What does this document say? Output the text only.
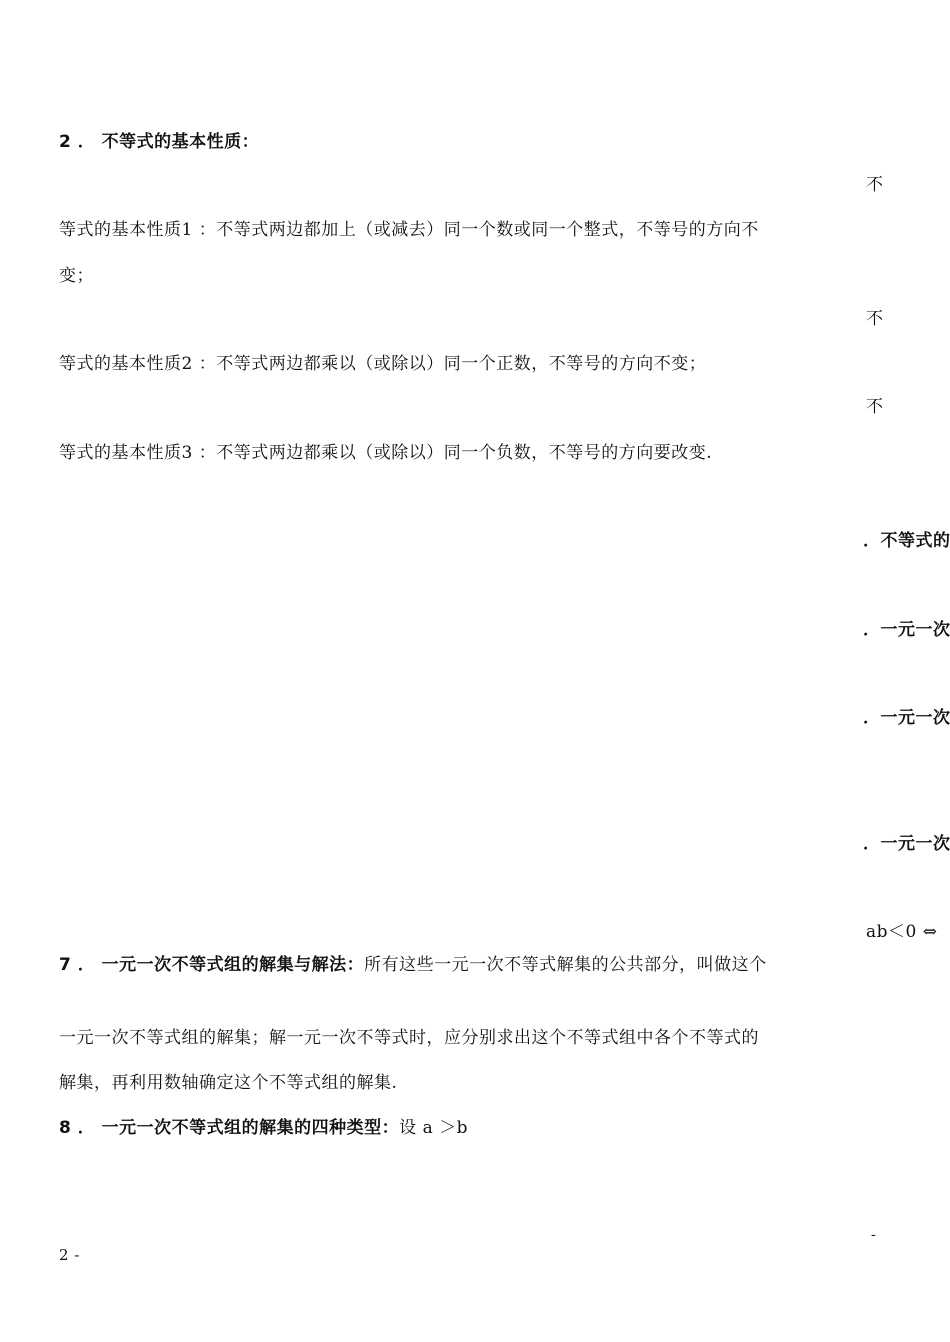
2 ． 不等式的基本性质：
不
等式的基本性质1 ：不等式两边都加上（或减去）同一个数或同一个整式，不等号的方向不
变；
不
等式的基本性质2 ：不等式两边都乘以（或除以）同一个正数，不等号的方向不变；
不
等式的基本性质3 ：不等式两边都乘以（或除以）同一个负数，不等号的方向要改变.
．不等式的
．一元一次
．一元一次
．一元一次
ab＜0 ⇔
7 ． 一元一次不等式组的解集与解法：所有这些一元一次不等式解集的公共部分，叫做这个
一元一次不等式组的解集；解一元一次不等式时，应分别求出这个不等式组中各个不等式的
解集，再利用数轴确定这个不等式组的解集.
8 ． 一元一次不等式组的解集的四种类型：设 a ＞b
-
2 -
